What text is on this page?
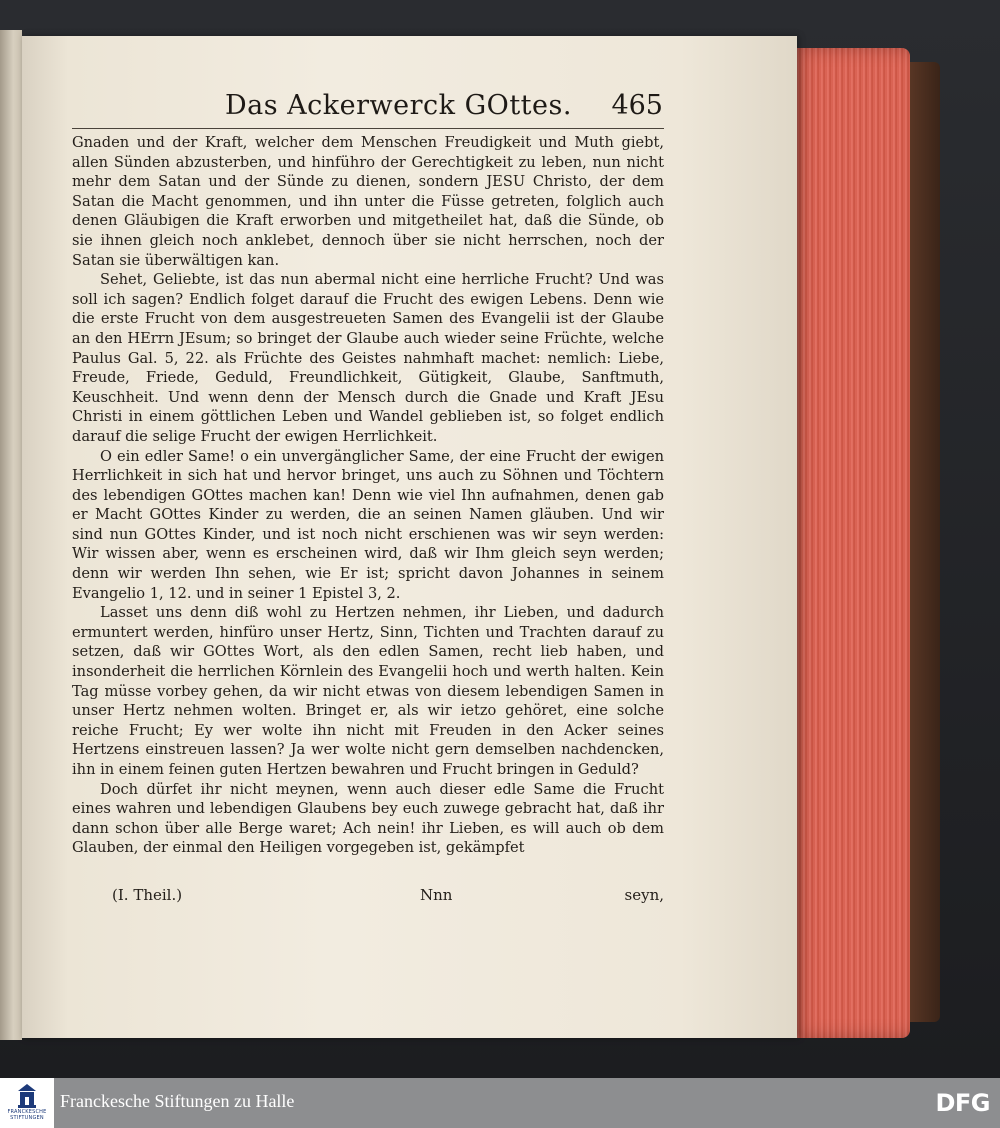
Das Ackerwerck GOttes. 465

Gnaden und der Kraft, welcher dem Menschen Freudigkeit und Muth giebt, allen Sünden abzusterben, und hinführo der Gerechtigkeit zu leben, nun nicht mehr dem Satan und der Sünde zu dienen, sondern JESU Christo, der dem Satan die Macht genommen, und ihn unter die Füsse getreten, folglich auch denen Gläubigen die Kraft erworben und mitgetheilet hat, daß die Sünde, ob sie ihnen gleich noch anklebet, dennoch über sie nicht herrschen, noch der Satan sie überwältigen kan.

Sehet, Geliebte, ist das nun abermal nicht eine herrliche Frucht? Und was soll ich sagen? Endlich folget darauf die Frucht des ewigen Lebens. Denn wie die erste Frucht von dem ausgestreueten Samen des Evangelii ist der Glaube an den HErrn JEsum; so bringet der Glaube auch wieder seine Früchte, welche Paulus Gal. 5, 22. als Früchte des Geistes nahmhaft machet: nemlich: Liebe, Freude, Friede, Geduld, Freundlichkeit, Gütigkeit, Glaube, Sanftmuth, Keuschheit. Und wenn denn der Mensch durch die Gnade und Kraft JEsu Christi in einem göttlichen Leben und Wandel geblieben ist, so folget endlich darauf die selige Frucht der ewigen Herrlichkeit.

O ein edler Same! o ein unvergänglicher Same, der eine Frucht der ewigen Herrlichkeit in sich hat und hervor bringet, uns auch zu Söhnen und Töchtern des lebendigen GOttes machen kan! Denn wie viel Ihn aufnahmen, denen gab er Macht GOttes Kinder zu werden, die an seinen Namen gläuben. Und wir sind nun GOttes Kinder, und ist noch nicht erschienen was wir seyn werden: Wir wissen aber, wenn es erscheinen wird, daß wir Ihm gleich seyn werden; denn wir werden Ihn sehen, wie Er ist; spricht davon Johannes in seinem Evangelio 1, 12. und in seiner 1 Epistel 3, 2.

Lasset uns denn diß wohl zu Hertzen nehmen, ihr Lieben, und dadurch ermuntert werden, hinfüro unser Hertz, Sinn, Tichten und Trachten darauf zu setzen, daß wir GOttes Wort, als den edlen Samen, recht lieb haben, und insonderheit die herrlichen Körnlein des Evangelii hoch und werth halten. Kein Tag müsse vorbey gehen, da wir nicht etwas von diesem lebendigen Samen in unser Hertz nehmen wolten. Bringet er, als wir ietzo gehöret, eine solche reiche Frucht; Ey wer wolte ihn nicht mit Freuden in den Acker seines Hertzens einstreuen lassen? Ja wer wolte nicht gern demselben nachdencken, ihn in einem feinen guten Hertzen bewahren und Frucht bringen in Geduld?

Doch dürfet ihr nicht meynen, wenn auch dieser edle Same die Frucht eines wahren und lebendigen Glaubens bey euch zuwege gebracht hat, daß ihr dann schon über alle Berge waret; Ach nein! ihr Lieben, es will auch ob dem Glauben, der einmal den Heiligen vorgegeben ist, gekämpfet

(I. Theil.)	Nnn	seyn,
FRANCKESCHE STIFTUNGEN
Franckesche Stiftungen zu Halle	DFG
